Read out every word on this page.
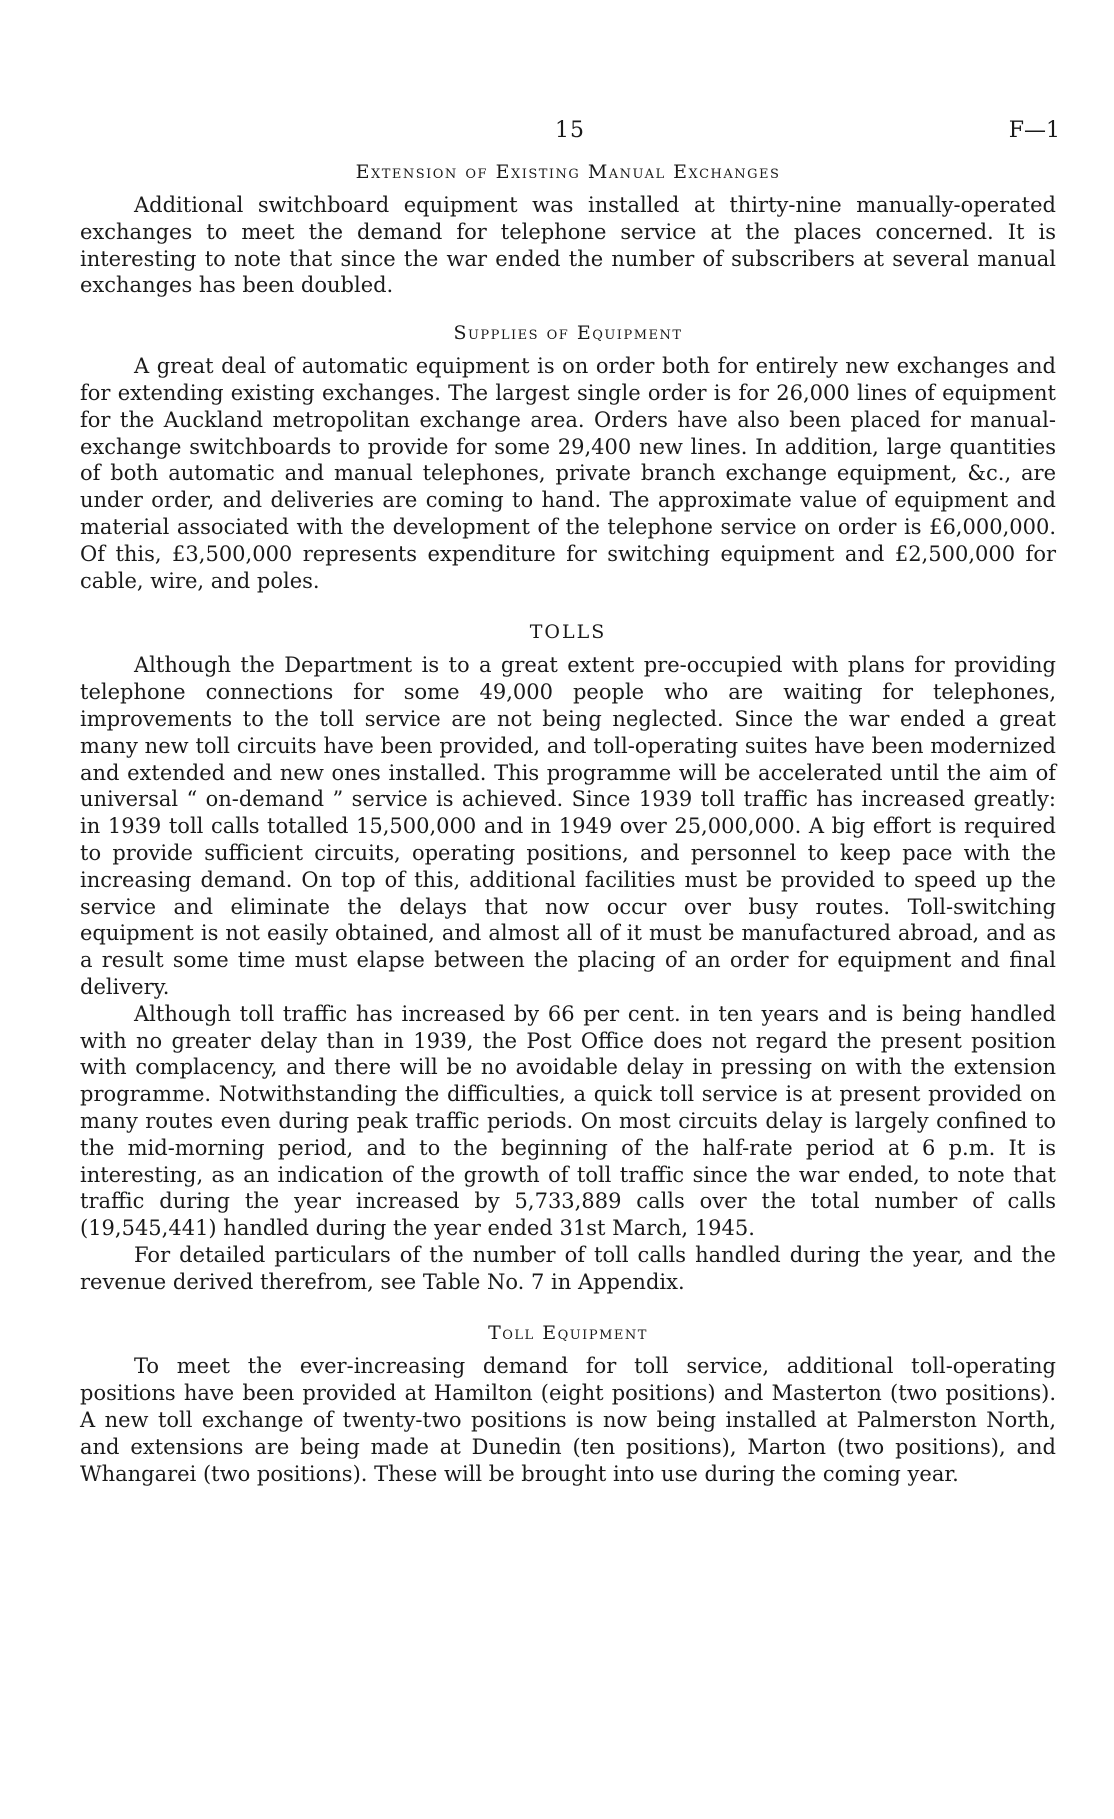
15	F—1
Extension of Existing Manual Exchanges

Additional switchboard equipment was installed at thirty-nine manually-operated exchanges to meet the demand for telephone service at the places concerned. It is interesting to note that since the war ended the number of subscribers at several manual exchanges has been doubled.

Supplies of Equipment

A great deal of automatic equipment is on order both for entirely new exchanges and for extending existing exchanges. The largest single order is for 26,000 lines of equipment for the Auckland metropolitan exchange area. Orders have also been placed for manual-exchange switchboards to provide for some 29,400 new lines. In addition, large quantities of both automatic and manual telephones, private branch exchange equipment, &c., are under order, and deliveries are coming to hand. The approximate value of equipment and material associated with the development of the telephone service on order is £6,000,000. Of this, £3,500,000 represents expenditure for switching equipment and £2,500,000 for cable, wire, and poles.

TOLLS

Although the Department is to a great extent pre-occupied with plans for providing telephone connections for some 49,000 people who are waiting for telephones, improvements to the toll service are not being neglected. Since the war ended a great many new toll circuits have been provided, and toll-operating suites have been modernized and extended and new ones installed. This programme will be accelerated until the aim of universal “ on-demand ” service is achieved. Since 1939 toll traffic has increased greatly: in 1939 toll calls totalled 15,500,000 and in 1949 over 25,000,000. A big effort is required to provide sufficient circuits, operating positions, and personnel to keep pace with the increasing demand. On top of this, additional facilities must be provided to speed up the service and eliminate the delays that now occur over busy routes. Toll-switching equipment is not easily obtained, and almost all of it must be manufactured abroad, and as a result some time must elapse between the placing of an order for equipment and final delivery.

Although toll traffic has increased by 66 per cent. in ten years and is being handled with no greater delay than in 1939, the Post Office does not regard the present position with complacency, and there will be no avoidable delay in pressing on with the extension programme. Notwithstanding the difficulties, a quick toll service is at present provided on many routes even during peak traffic periods. On most circuits delay is largely confined to the mid-morning period, and to the beginning of the half-rate period at 6 p.m. It is interesting, as an indication of the growth of toll traffic since the war ended, to note that traffic during the year increased by 5,733,889 calls over the total number of calls (19,545,441) handled during the year ended 31st March, 1945.

For detailed particulars of the number of toll calls handled during the year, and the revenue derived therefrom, see Table No. 7 in Appendix.

Toll Equipment

To meet the ever-increasing demand for toll service, additional toll-operating positions have been provided at Hamilton (eight positions) and Masterton (two positions). A new toll exchange of twenty-two positions is now being installed at Palmerston North, and extensions are being made at Dunedin (ten positions), Marton (two positions), and Whangarei (two positions). These will be brought into use during the coming year.
